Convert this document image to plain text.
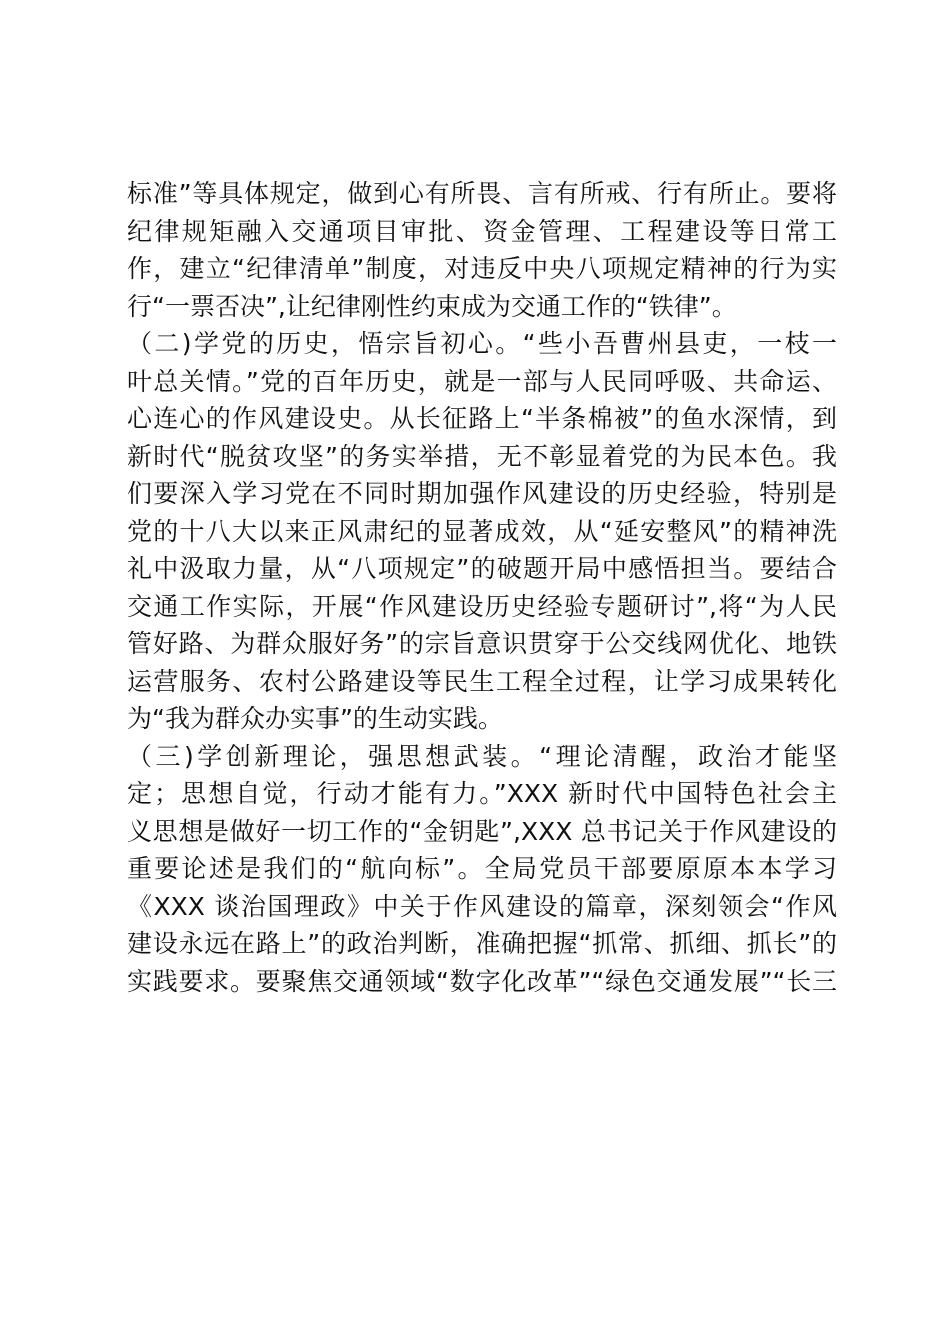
标准”等具体规定，做到心有所畏、言有所戒、行有所止。要将
纪律规矩融入交通项目审批、资金管理、工程建设等日常工
作，建立“纪律清单”制度，对违反中央八项规定精神的行为实
行“一票否决”,让纪律刚性约束成为交通工作的“铁律”。
（二)学党的历史，悟宗旨初心。“些小吾曹州县吏，一枝一
叶总关情。”党的百年历史，就是一部与人民同呼吸、共命运、
心连心的作风建设史。从长征路上“半条棉被”的鱼水深情，到
新时代“脱贫攻坚”的务实举措，无不彰显着党的为民本色。我
们要深入学习党在不同时期加强作风建设的历史经验，特别是
党的十八大以来正风肃纪的显著成效，从“延安整风”的精神洗
礼中汲取力量，从“八项规定”的破题开局中感悟担当。要结合
交通工作实际，开展“作风建设历史经验专题研讨”,将“为人民
管好路、为群众服好务”的宗旨意识贯穿于公交线网优化、地铁
运营服务、农村公路建设等民生工程全过程，让学习成果转化
为“我为群众办实事”的生动实践。
（三)学创新理论，强思想武装。“理论清醒，政治才能坚
定；思想自觉，行动才能有力。”XXX 新时代中国特色社会主
义思想是做好一切工作的“金钥匙”,XXX 总书记关于作风建设的
重要论述是我们的“航向标”。全局党员干部要原原本本学习
《XXX 谈治国理政》中关于作风建设的篇章，深刻领会“作风
建设永远在路上”的政治判断，准确把握“抓常、抓细、抓长”的
实践要求。要聚焦交通领域“数字化改革”“绿色交通发展”“长三
